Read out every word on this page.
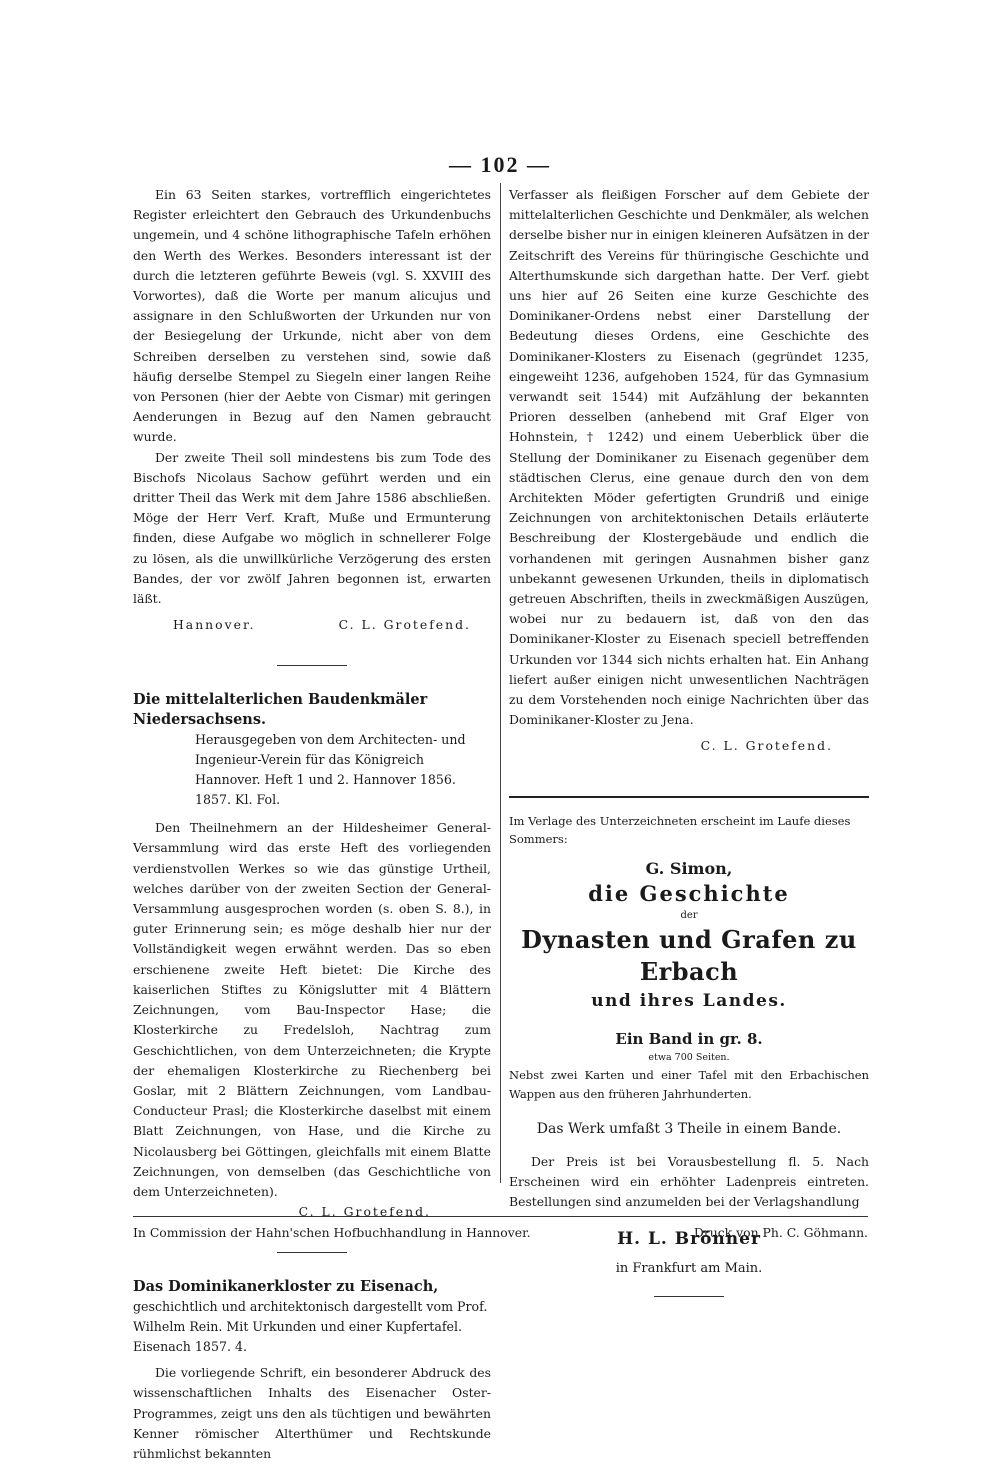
— 102 —

Ein 63 Seiten starkes, vortrefflich eingerichtetes Register erleichtert den Gebrauch des Urkundenbuchs ungemein, und 4 schöne lithographische Tafeln erhöhen den Werth des Werkes. Besonders interessant ist der durch die letzteren geführte Beweis (vgl. S. XXVIII des Vorwortes), daß die Worte per manum alicujus und assignare in den Schlußworten der Urkunden nur von der Besiegelung der Urkunde, nicht aber von dem Schreiben derselben zu verstehen sind, sowie daß häufig derselbe Stempel zu Siegeln einer langen Reihe von Personen (hier der Aebte von Cismar) mit geringen Aenderungen in Bezug auf den Namen gebraucht wurde.

Der zweite Theil soll mindestens bis zum Tode des Bischofs Nicolaus Sachow geführt werden und ein dritter Theil das Werk mit dem Jahre 1586 abschließen. Möge der Herr Verf. Kraft, Muße und Ermunterung finden, diese Aufgabe wo möglich in schnellerer Folge zu lösen, als die unwillkürliche Verzögerung des ersten Bandes, der vor zwölf Jahren begonnen ist, erwarten läßt.

Hannover.	C. L. Grotefend.
Die mittelalterlichen Baudenkmäler Niedersachsens.
Herausgegeben von dem Architecten- und Ingenieur-Verein für das Königreich Hannover. Heft 1 und 2. Hannover 1856. 1857. Kl. Fol.

Den Theilnehmern an der Hildesheimer General-Versammlung wird das erste Heft des vorliegenden verdienstvollen Werkes so wie das günstige Urtheil, welches darüber von der zweiten Section der General-Versammlung ausgesprochen worden (s. oben S. 8.), in guter Erinnerung sein; es möge deshalb hier nur der Vollständigkeit wegen erwähnt werden. Das so eben erschienene zweite Heft bietet: Die Kirche des kaiserlichen Stiftes zu Königslutter mit 4 Blättern Zeichnungen, vom Bau-Inspector Hase; die Klosterkirche zu Fredelsloh, Nachtrag zum Geschichtlichen, von dem Unterzeichneten; die Krypte der ehemaligen Klosterkirche zu Riechenberg bei Goslar, mit 2 Blättern Zeichnungen, vom Landbau-Conducteur Prasl; die Klosterkirche daselbst mit einem Blatt Zeichnungen, von Hase, und die Kirche zu Nicolausberg bei Göttingen, gleichfalls mit einem Blatte Zeichnungen, von demselben (das Geschichtliche von dem Unterzeichneten).

C. L. Grotefend.
Das Dominikanerkloster zu Eisenach, geschichtlich und architektonisch dargestellt vom Prof. Wilhelm Rein. Mit Urkunden und einer Kupfertafel. Eisenach 1857. 4.

Die vorliegende Schrift, ein besonderer Abdruck des wissenschaftlichen Inhalts des Eisenacher Oster-Programmes, zeigt uns den als tüchtigen und bewährten Kenner römischer Alterthümer und Rechtskunde rühmlichst bekannten

Verfasser als fleißigen Forscher auf dem Gebiete der mittelalterlichen Geschichte und Denkmäler, als welchen derselbe bisher nur in einigen kleineren Aufsätzen in der Zeitschrift des Vereins für thüringische Geschichte und Alterthumskunde sich dargethan hatte. Der Verf. giebt uns hier auf 26 Seiten eine kurze Geschichte des Dominikaner-Ordens nebst einer Darstellung der Bedeutung dieses Ordens, eine Geschichte des Dominikaner-Klosters zu Eisenach (gegründet 1235, eingeweiht 1236, aufgehoben 1524, für das Gymnasium verwandt seit 1544) mit Aufzählung der bekannten Prioren desselben (anhebend mit Graf Elger von Hohnstein, † 1242) und einem Ueberblick über die Stellung der Dominikaner zu Eisenach gegenüber dem städtischen Clerus, eine genaue durch den von dem Architekten Möder gefertigten Grundriß und einige Zeichnungen von architektonischen Details erläuterte Beschreibung der Klostergebäude und endlich die vorhandenen mit geringen Ausnahmen bisher ganz unbekannt gewesenen Urkunden, theils in diplomatisch getreuen Abschriften, theils in zweckmäßigen Auszügen, wobei nur zu bedauern ist, daß von den das Dominikaner-Kloster zu Eisenach speciell betreffenden Urkunden vor 1344 sich nichts erhalten hat. Ein Anhang liefert außer einigen nicht unwesentlichen Nachträgen zu dem Vorstehenden noch einige Nachrichten über das Dominikaner-Kloster zu Jena.

C. L. Grotefend.
Im Verlage des Unterzeichneten erscheint im Laufe dieses Sommers:
G. Simon,
die Geschichte
der
Dynasten und Grafen zu Erbach
und ihres Landes.
Ein Band in gr. 8.
etwa 700 Seiten.
Nebst zwei Karten und einer Tafel mit den Erbachischen Wappen aus den früheren Jahrhunderten.
Das Werk umfaßt 3 Theile in einem Bande.
Der Preis ist bei Vorausbestellung fl. 5. Nach Erscheinen wird ein erhöhter Ladenpreis eintreten. Bestellungen sind anzumelden bei der Verlagshandlung
H. L. Brönner
in Frankfurt am Main.
In Commission der Hahn'schen Hofbuchhandlung in Hannover.	Druck von Ph. C. Göhmann.
